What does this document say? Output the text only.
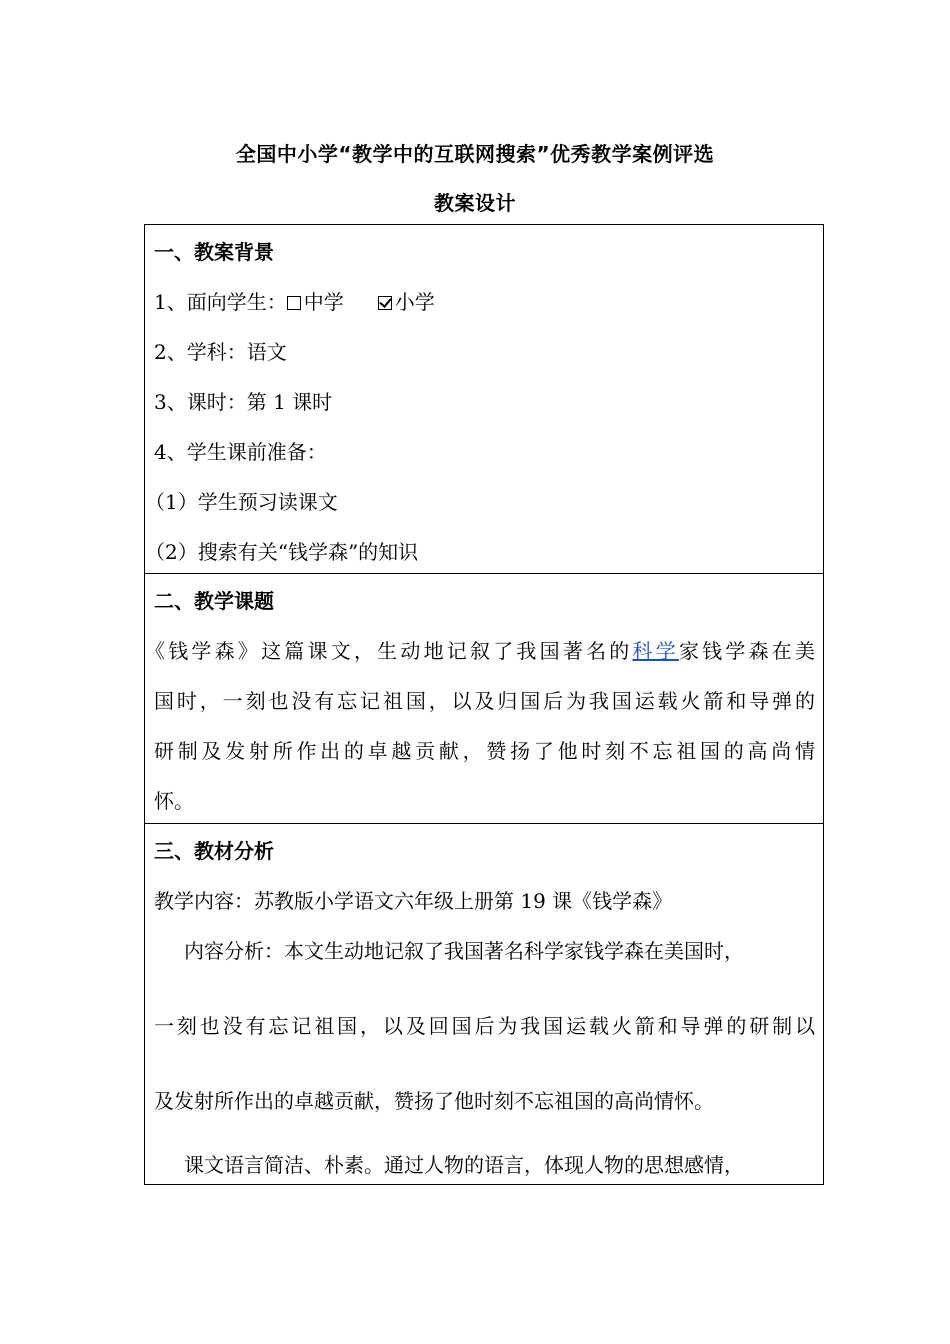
全国中小学“教学中的互联网搜索”优秀教学案例评选
教案设计
一、教案背景
1、面向学生： 中学	小学
2、学科：语文
3、课时：第 1 课时
4、学生课前准备：
（1）学生预习读课文
（2）搜索有关“钱学森”的知识
二、教学课题
《钱学森》这篇课文，生动地记叙了我国著名的科学家钱学森在美
国时，一刻也没有忘记祖国，以及归国后为我国运载火箭和导弹的
研制及发射所作出的卓越贡献，赞扬了他时刻不忘祖国的高尚情
怀。
三、教材分析
教学内容：苏教版小学语文六年级上册第 19 课《钱学森》
内容分析：本文生动地记叙了我国著名科学家钱学森在美国时，
一刻也没有忘记祖国，以及回国后为我国运载火箭和导弹的研制以
及发射所作出的卓越贡献，赞扬了他时刻不忘祖国的高尚情怀。
课文语言简洁、朴素。通过人物的语言，体现人物的思想感情，
